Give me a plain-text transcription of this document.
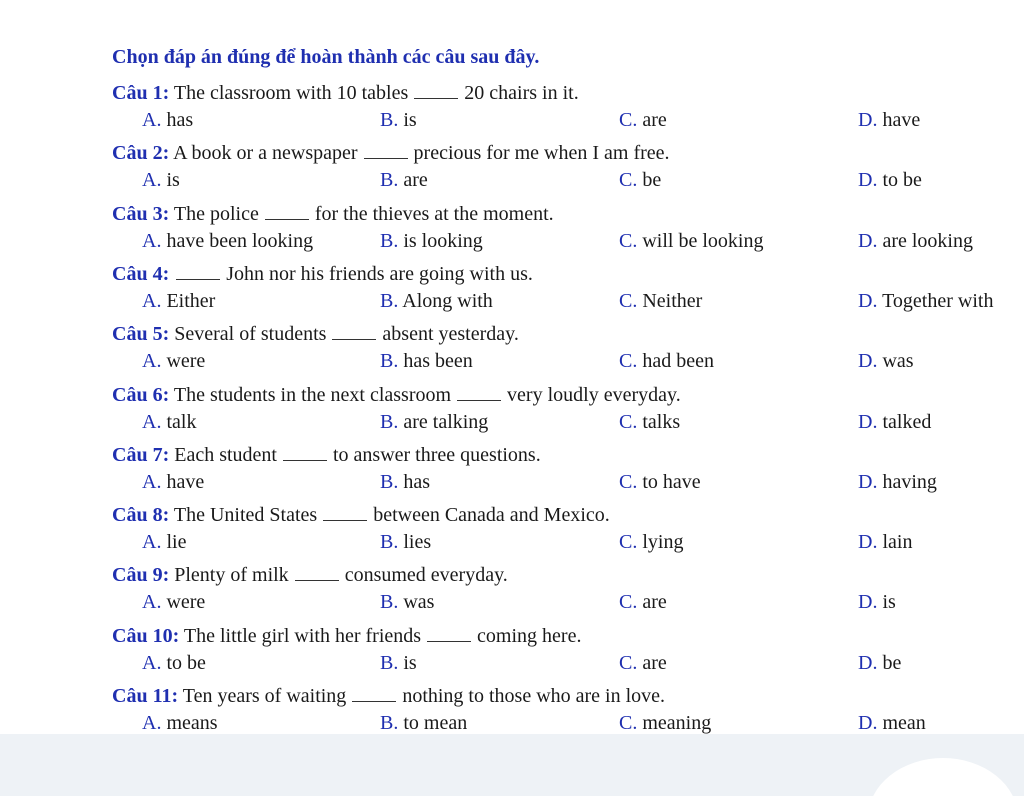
Chọn đáp án đúng để hoàn thành các câu sau đây.
Câu 1: The classroom with 10 tables	20 chairs in it.
A. has	B. is	C. are	D. have
Câu 2: A book or a newspaper	precious for me when I am free.
A. is	B. are	C. be	D. to be
Câu 3: The police	for the thieves at the moment.
A. have been looking	B. is looking	C. will be looking	D. are looking
Câu 4:	John nor his friends are going with us.
A. Either	B. Along with	C. Neither	D. Together with
Câu 5: Several of students	absent yesterday.
A. were	B. has been	C. had been	D. was
Câu 6: The students in the next classroom	very loudly everyday.
A. talk	B. are talking	C. talks	D. talked
Câu 7: Each student	to answer three questions.
A. have	B. has	C. to have	D. having
Câu 8: The United States	between Canada and Mexico.
A. lie	B. lies	C. lying	D. lain
Câu 9: Plenty of milk	consumed everyday.
A. were	B. was	C. are	D. is
Câu 10: The little girl with her friends	coming here.
A. to be	B. is	C. are	D. be
Câu 11: Ten years of waiting	nothing to those who are in love.
A. means	B. to mean	C. meaning	D. mean
